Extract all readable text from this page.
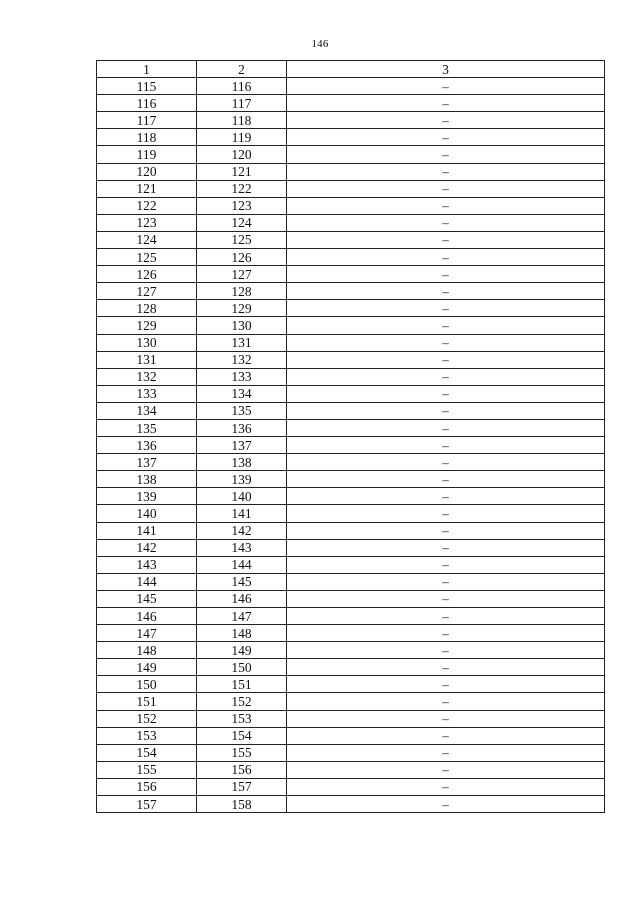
146
1	2	3
115	116	–
116	117	–
117	118	–
118	119	–
119	120	–
120	121	–
121	122	–
122	123	–
123	124	–
124	125	–
125	126	–
126	127	–
127	128	–
128	129	–
129	130	–
130	131	–
131	132	–
132	133	–
133	134	–
134	135	–
135	136	–
136	137	–
137	138	–
138	139	–
139	140	–
140	141	–
141	142	–
142	143	–
143	144	–
144	145	–
145	146	–
146	147	–
147	148	–
148	149	–
149	150	–
150	151	–
151	152	–
152	153	–
153	154	–
154	155	–
155	156	–
156	157	–
157	158	–
